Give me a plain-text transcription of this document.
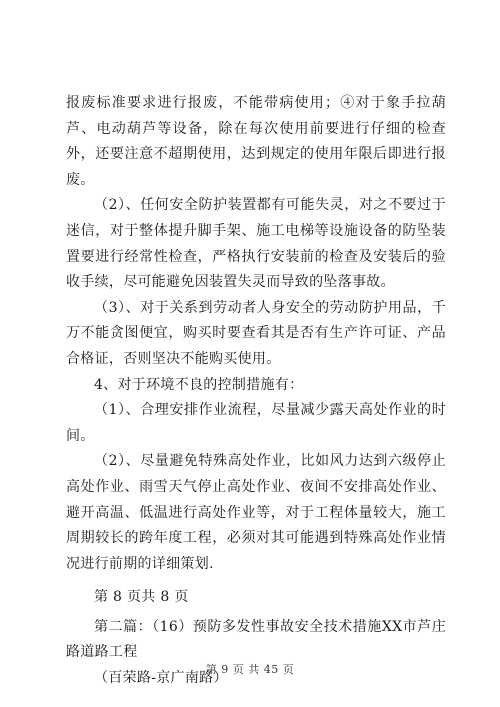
报废标准要求进行报废，不能带病使用；④对于象手拉葫芦、电动葫芦等设备，除在每次使用前要进行仔细的检查外，还要注意不超期使用，达到规定的使用年限后即进行报废。

（2）、任何安全防护装置都有可能失灵，对之不要过于迷信，对于整体提升脚手架、施工电梯等设施设备的防坠装置要进行经常性检查，严格执行安装前的检查及安装后的验收手续，尽可能避免因装置失灵而导致的坠落事故。

（3）、对于关系到劳动者人身安全的劳动防护用品，千万不能贪图便宜，购买时要查看其是否有生产许可证、产品合格证，否则坚决不能购买使用。

4、对于环境不良的控制措施有：

（1）、合理安排作业流程，尽量减少露天高处作业的时间。

（2）、尽量避免特殊高处作业，比如风力达到六级停止高处作业、雨雪天气停止高处作业、夜间不安排高处作业、避开高温、低温进行高处作业等，对于工程体量较大，施工周期较长的跨年度工程，必须对其可能遇到特殊高处作业情况进行前期的详细策划.

第 8 页共 8 页

第二篇：（16）预防多发性事故安全技术措施XX市芦庄路道路工程

（百荣路-京广南路）

第 9 页 共 45 页
